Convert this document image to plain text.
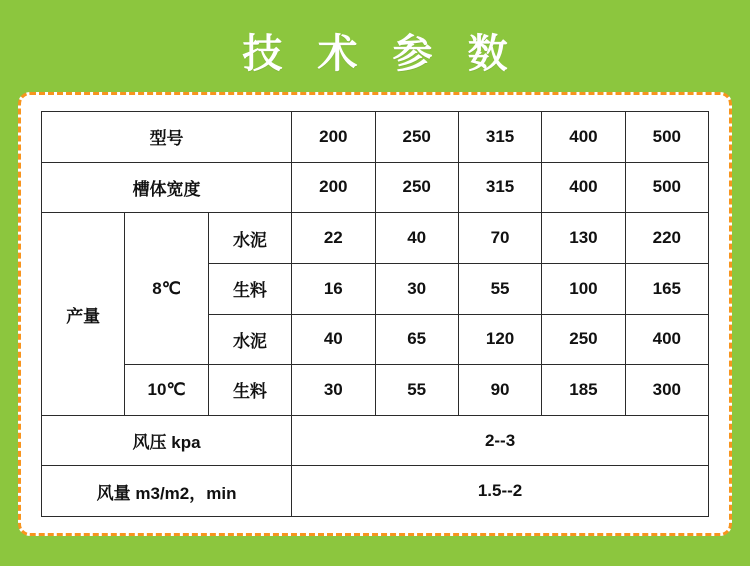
技 术 参 数
型号			200	250	315	400	500
槽体宽度			200	250	315	400	500
产量	8℃	水泥	22	40	70	130	220
		生料	16	30	55	100	165
		水泥	40	65	120	250	400
	10℃	生料	30	55	90	185	300
风压 kpa			2--3				
风量 m3/m2，min			1.5--2				
